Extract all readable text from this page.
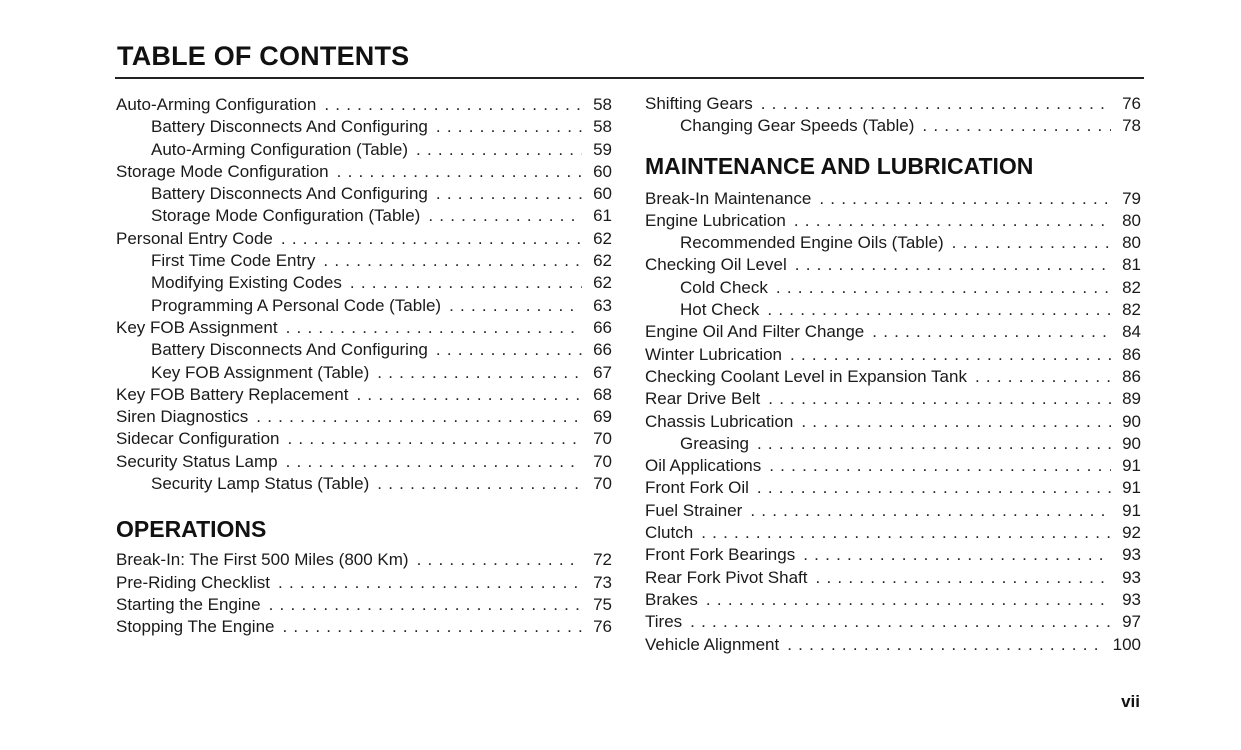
TABLE OF CONTENTS
Auto-Arming Configuration . . .	58
Battery Disconnects And Configuring . . .	58
Auto-Arming Configuration (Table) . . .	59
Storage Mode Configuration . . .	60
Battery Disconnects And Configuring . . .	60
Storage Mode Configuration (Table) . . .	61
Personal Entry Code . . .	62
First Time Code Entry . . .	62
Modifying Existing Codes . . .	62
Programming A Personal Code (Table) . . .	63
Key FOB Assignment . . .	66
Battery Disconnects And Configuring . . .	66
Key FOB Assignment (Table) . . .	67
Key FOB Battery Replacement . . .	68
Siren Diagnostics . . .	69
Sidecar Configuration . . .	70
Security Status Lamp . . .	70
Security Lamp Status (Table) . . .	70
OPERATIONS
Break-In: The First 500 Miles (800 Km) . . .	72
Pre-Riding Checklist . . .	73
Starting the Engine . . .	75
Stopping The Engine . . .	76
Shifting Gears . . .	76
Changing Gear Speeds (Table) . . .	78
MAINTENANCE AND LUBRICATION
Break-In Maintenance . . .	79
Engine Lubrication . . .	80
Recommended Engine Oils (Table) . . .	80
Checking Oil Level . . .	81
Cold Check . . .	82
Hot Check . . .	82
Engine Oil And Filter Change . . .	84
Winter Lubrication . . .	86
Checking Coolant Level in Expansion Tank . . .	86
Rear Drive Belt . . .	89
Chassis Lubrication . . .	90
Greasing . . .	90
Oil Applications . . .	91
Front Fork Oil . . .	91
Fuel Strainer . . .	91
Clutch . . .	92
Front Fork Bearings . . .	93
Rear Fork Pivot Shaft . . .	93
Brakes . . .	93
Tires . . .	97
Vehicle Alignment . . .	100
vii
